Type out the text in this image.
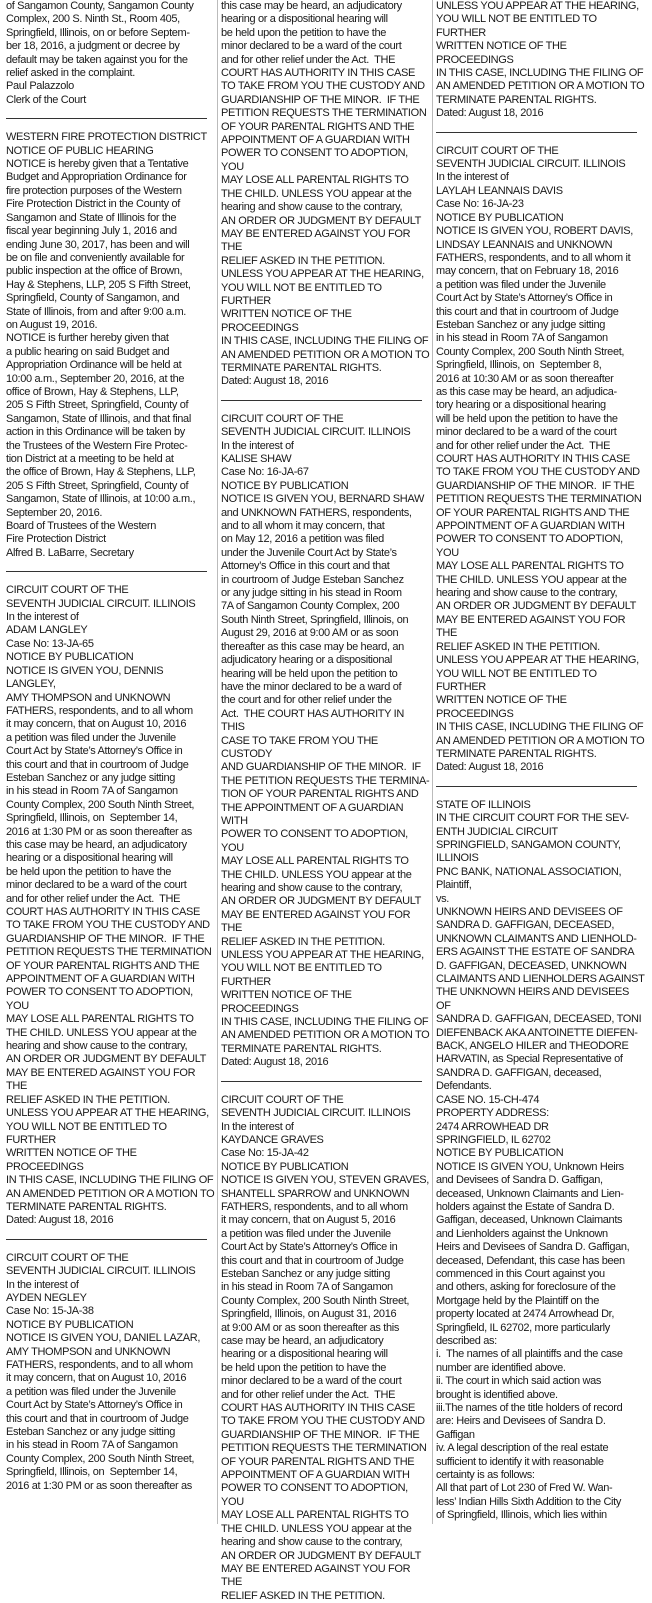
of Sangamon County, Sangamon County
Complex, 200 S. Ninth St., Room 405,
Springfield, Illinois, on or before Septem-
ber 18, 2016, a judgment or decree by
default may be taken against you for the
relief asked in the complaint.
Paul Palazzolo
Clerk of the Court
WESTERN FIRE PROTECTION DISTRICT
NOTICE OF PUBLIC HEARING
NOTICE is hereby given that a Tentative
Budget and Appropriation Ordinance for
fire protection purposes of the Western
Fire Protection District in the County of
Sangamon and State of Illinois for the
fiscal year beginning July 1, 2016 and
ending June 30, 2017, has been and will
be on file and conveniently available for
public inspection at the office of Brown,
Hay & Stephens, LLP, 205 S Fifth Street,
Springfield, County of Sangamon, and
State of Illinois, from and after 9:00 a.m.
on August 19, 2016.
NOTICE is further hereby given that
a public hearing on said Budget and
Appropriation Ordinance will be held at
10:00 a.m., September 20, 2016, at the
office of Brown, Hay & Stephens, LLP,
205 S Fifth Street, Springfield, County of
Sangamon, State of Illinois, and that final
action in this Ordinance will be taken by
the Trustees of the Western Fire Protec-
tion District at a meeting to be held at
the office of Brown, Hay & Stephens, LLP,
205 S Fifth Street, Springfield, County of
Sangamon, State of Illinois, at 10:00 a.m.,
September 20, 2016.
Board of Trustees of the Western
Fire Protection District
Alfred B. LaBarre, Secretary
CIRCUIT COURT OF THE
SEVENTH JUDICIAL CIRCUIT. ILLINOIS
In the interest of
ADAM LANGLEY
Case No: 13-JA-65
NOTICE BY PUBLICATION
NOTICE IS GIVEN YOU, DENNIS LANGLEY,
AMY THOMPSON and UNKNOWN
FATHERS, respondents, and to all whom
it may concern, that on August 10, 2016
a petition was filed under the Juvenile
Court Act by State’s Attorney’s Office in
this court and that in courtroom of Judge
Esteban Sanchez or any judge sitting
in his stead in Room 7A of Sangamon
County Complex, 200 South Ninth Street,
Springfield, Illinois, on  September 14,
2016 at 1:30 PM or as soon thereafter as
this case may be heard, an adjudicatory
hearing or a dispositional hearing will
be held upon the petition to have the
minor declared to be a ward of the court
and for other relief under the Act.  THE
COURT HAS AUTHORITY IN THIS CASE
TO TAKE FROM YOU THE CUSTODY AND
GUARDIANSHIP OF THE MINOR.  IF THE
PETITION REQUESTS THE TERMINATION
OF YOUR PARENTAL RIGHTS AND THE
APPOINTMENT OF A GUARDIAN WITH
POWER TO CONSENT TO ADOPTION, YOU
MAY LOSE ALL PARENTAL RIGHTS TO
THE CHILD. UNLESS YOU appear at the
hearing and show cause to the contrary,
AN ORDER OR JUDGMENT BY DEFAULT
MAY BE ENTERED AGAINST YOU FOR THE
RELIEF ASKED IN THE PETITION.
UNLESS YOU APPEAR AT THE HEARING,
YOU WILL NOT BE ENTITLED TO FURTHER
WRITTEN NOTICE OF THE PROCEEDINGS
IN THIS CASE, INCLUDING THE FILING OF
AN AMENDED PETITION OR A MOTION TO
TERMINATE PARENTAL RIGHTS.
Dated: August 18, 2016
CIRCUIT COURT OF THE
SEVENTH JUDICIAL CIRCUIT. ILLINOIS
In the interest of
AYDEN NEGLEY
Case No: 15-JA-38
NOTICE BY PUBLICATION
NOTICE IS GIVEN YOU, DANIEL LAZAR,
AMY THOMPSON and UNKNOWN
FATHERS, respondents, and to all whom
it may concern, that on August 10, 2016
a petition was filed under the Juvenile
Court Act by State’s Attorney’s Office in
this court and that in courtroom of Judge
Esteban Sanchez or any judge sitting
in his stead in Room 7A of Sangamon
County Complex, 200 South Ninth Street,
Springfield, Illinois, on  September 14,
2016 at 1:30 PM or as soon thereafter as
this case may be heard, an adjudicatory
hearing or a dispositional hearing will
be held upon the petition to have the
minor declared to be a ward of the court
and for other relief under the Act.  THE
COURT HAS AUTHORITY IN THIS CASE
TO TAKE FROM YOU THE CUSTODY AND
GUARDIANSHIP OF THE MINOR.  IF THE
PETITION REQUESTS THE TERMINATION
OF YOUR PARENTAL RIGHTS AND THE
APPOINTMENT OF A GUARDIAN WITH
POWER TO CONSENT TO ADOPTION, YOU
MAY LOSE ALL PARENTAL RIGHTS TO
THE CHILD. UNLESS YOU appear at the
hearing and show cause to the contrary,
AN ORDER OR JUDGMENT BY DEFAULT
MAY BE ENTERED AGAINST YOU FOR THE
RELIEF ASKED IN THE PETITION.
UNLESS YOU APPEAR AT THE HEARING,
YOU WILL NOT BE ENTITLED TO FURTHER
WRITTEN NOTICE OF THE PROCEEDINGS
IN THIS CASE, INCLUDING THE FILING OF
AN AMENDED PETITION OR A MOTION TO
TERMINATE PARENTAL RIGHTS.
Dated: August 18, 2016
CIRCUIT COURT OF THE
SEVENTH JUDICIAL CIRCUIT. ILLINOIS
In the interest of
KALISE SHAW
Case No: 16-JA-67
NOTICE BY PUBLICATION
NOTICE IS GIVEN YOU, BERNARD SHAW
and UNKNOWN FATHERS, respondents,
and to all whom it may concern, that
on May 12, 2016 a petition was filed
under the Juvenile Court Act by State’s
Attorney’s Office in this court and that
in courtroom of Judge Esteban Sanchez
or any judge sitting in his stead in Room
7A of Sangamon County Complex, 200
South Ninth Street, Springfield, Illinois, on
August 29, 2016 at 9:00 AM or as soon
thereafter as this case may be heard, an
adjudicatory hearing or a dispositional
hearing will be held upon the petition to
have the minor declared to be a ward of
the court and for other relief under the
Act.  THE COURT HAS AUTHORITY IN THIS
CASE TO TAKE FROM YOU THE CUSTODY
AND GUARDIANSHIP OF THE MINOR.  IF
THE PETITION REQUESTS THE TERMINA-
TION OF YOUR PARENTAL RIGHTS AND
THE APPOINTMENT OF A GUARDIAN WITH
POWER TO CONSENT TO ADOPTION, YOU
MAY LOSE ALL PARENTAL RIGHTS TO
THE CHILD. UNLESS YOU appear at the
hearing and show cause to the contrary,
AN ORDER OR JUDGMENT BY DEFAULT
MAY BE ENTERED AGAINST YOU FOR THE
RELIEF ASKED IN THE PETITION.
UNLESS YOU APPEAR AT THE HEARING,
YOU WILL NOT BE ENTITLED TO FURTHER
WRITTEN NOTICE OF THE PROCEEDINGS
IN THIS CASE, INCLUDING THE FILING OF
AN AMENDED PETITION OR A MOTION TO
TERMINATE PARENTAL RIGHTS.
Dated: August 18, 2016
CIRCUIT COURT OF THE
SEVENTH JUDICIAL CIRCUIT. ILLINOIS
In the interest of
KAYDANCE GRAVES
Case No: 15-JA-42
NOTICE BY PUBLICATION
NOTICE IS GIVEN YOU, STEVEN GRAVES,
SHANTELL SPARROW and UNKNOWN
FATHERS, respondents, and to all whom
it may concern, that on August 5, 2016
a petition was filed under the Juvenile
Court Act by State’s Attorney’s Office in
this court and that in courtroom of Judge
Esteban Sanchez or any judge sitting
in his stead in Room 7A of Sangamon
County Complex, 200 South Ninth Street,
Springfield, Illinois, on August 31, 2016
at 9:00 AM or as soon thereafter as this
case may be heard, an adjudicatory
hearing or a dispositional hearing will
be held upon the petition to have the
minor declared to be a ward of the court
and for other relief under the Act.  THE
COURT HAS AUTHORITY IN THIS CASE
TO TAKE FROM YOU THE CUSTODY AND
GUARDIANSHIP OF THE MINOR.  IF THE
PETITION REQUESTS THE TERMINATION
OF YOUR PARENTAL RIGHTS AND THE
APPOINTMENT OF A GUARDIAN WITH
POWER TO CONSENT TO ADOPTION, YOU
MAY LOSE ALL PARENTAL RIGHTS TO
THE CHILD. UNLESS YOU appear at the
hearing and show cause to the contrary,
AN ORDER OR JUDGMENT BY DEFAULT
MAY BE ENTERED AGAINST YOU FOR THE
RELIEF ASKED IN THE PETITION.
UNLESS YOU APPEAR AT THE HEARING,
YOU WILL NOT BE ENTITLED TO FURTHER
WRITTEN NOTICE OF THE PROCEEDINGS
IN THIS CASE, INCLUDING THE FILING OF
AN AMENDED PETITION OR A MOTION TO
TERMINATE PARENTAL RIGHTS.
Dated: August 18, 2016
CIRCUIT COURT OF THE
SEVENTH JUDICIAL CIRCUIT. ILLINOIS
In the interest of
LAYLAH LEANNAIS DAVIS
Case No: 16-JA-23
NOTICE BY PUBLICATION
NOTICE IS GIVEN YOU, ROBERT DAVIS,
LINDSAY LEANNAIS and UNKNOWN
FATHERS, respondents, and to all whom it
may concern, that on February 18, 2016
a petition was filed under the Juvenile
Court Act by State’s Attorney’s Office in
this court and that in courtroom of Judge
Esteban Sanchez or any judge sitting
in his stead in Room 7A of Sangamon
County Complex, 200 South Ninth Street,
Springfield, Illinois, on  September 8,
2016 at 10:30 AM or as soon thereafter
as this case may be heard, an adjudica-
tory hearing or a dispositional hearing
will be held upon the petition to have the
minor declared to be a ward of the court
and for other relief under the Act.  THE
COURT HAS AUTHORITY IN THIS CASE
TO TAKE FROM YOU THE CUSTODY AND
GUARDIANSHIP OF THE MINOR.  IF THE
PETITION REQUESTS THE TERMINATION
OF YOUR PARENTAL RIGHTS AND THE
APPOINTMENT OF A GUARDIAN WITH
POWER TO CONSENT TO ADOPTION, YOU
MAY LOSE ALL PARENTAL RIGHTS TO
THE CHILD. UNLESS YOU appear at the
hearing and show cause to the contrary,
AN ORDER OR JUDGMENT BY DEFAULT
MAY BE ENTERED AGAINST YOU FOR THE
RELIEF ASKED IN THE PETITION.
UNLESS YOU APPEAR AT THE HEARING,
YOU WILL NOT BE ENTITLED TO FURTHER
WRITTEN NOTICE OF THE PROCEEDINGS
IN THIS CASE, INCLUDING THE FILING OF
AN AMENDED PETITION OR A MOTION TO
TERMINATE PARENTAL RIGHTS.
Dated: August 18, 2016
STATE OF ILLINOIS
IN THE CIRCUIT COURT FOR THE SEV-
ENTH JUDICIAL CIRCUIT
SPRINGFIELD, SANGAMON COUNTY,
ILLINOIS
PNC BANK, NATIONAL ASSOCIATION,
Plaintiff,
vs.
UNKNOWN HEIRS AND DEVISEES OF
SANDRA D. GAFFIGAN, DECEASED,
UNKNOWN CLAIMANTS AND LIENHOLD-
ERS AGAINST THE ESTATE OF SANDRA
D. GAFFIGAN, DECEASED, UNKNOWN
CLAIMANTS AND LIENHOLDERS AGAINST
THE UNKNOWN HEIRS AND DEVISEES OF
SANDRA D. GAFFIGAN, DECEASED, TONI
DIEFENBACK AKA ANTOINETTE DIEFEN-
BACK, ANGELO HILER and THEODORE
HARVATIN, as Special Representative of
SANDRA D. GAFFIGAN, deceased,
Defendants.
CASE NO. 15-CH-474
PROPERTY ADDRESS:
2474 ARROWHEAD DR
SPRINGFIELD, IL 62702
NOTICE BY PUBLICATION
NOTICE IS GIVEN YOU, Unknown Heirs
and Devisees of Sandra D. Gaffigan,
deceased, Unknown Claimants and Lien-
holders against the Estate of Sandra D.
Gaffigan, deceased, Unknown Claimants
and Lienholders against the Unknown
Heirs and Devisees of Sandra D. Gaffigan,
deceased, Defendant, this case has been
commenced in this Court against you
and others, asking for foreclosure of the
Mortgage held by the Plaintiff on the
property located at 2474 Arrowhead Dr,
Springfield, IL 62702, more particularly
described as:
i.  The names of all plaintiffs and the case
number are identified above.
ii. The court in which said action was
brought is identified above.
iii.The names of the title holders of record
are: Heirs and Devisees of Sandra D.
Gaffigan
iv. A legal description of the real estate
sufficient to identify it with reasonable
certainty is as follows:
All that part of Lot 230 of Fred W. Wan-
less’ Indian Hills Sixth Addition to the City
of Springfield, Illinois, which lies within
